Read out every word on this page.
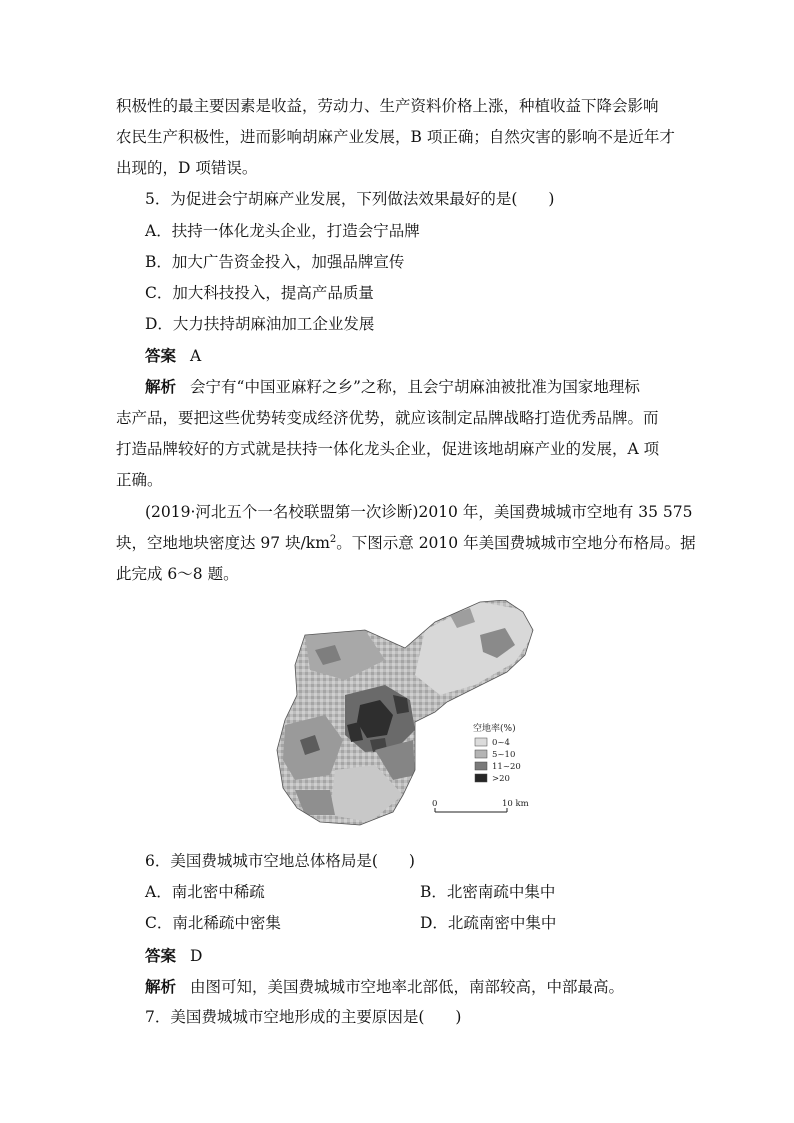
积极性的最主要因素是收益，劳动力、生产资料价格上涨，种植收益下降会影响
农民生产积极性，进而影响胡麻产业发展，B 项正确；自然灾害的影响不是近年才
出现的，D 项错误。
5．为促进会宁胡麻产业发展，下列做法效果最好的是(　　)
A．扶持一体化龙头企业，打造会宁品牌
B．加大广告资金投入，加强品牌宣传
C．加大科技投入，提高产品质量
D．大力扶持胡麻油加工企业发展
答案 A
解析 会宁有“中国亚麻籽之乡”之称，且会宁胡麻油被批准为国家地理标
志产品，要把这些优势转变成经济优势，就应该制定品牌战略打造优秀品牌。而
打造品牌较好的方式就是扶持一体化龙头企业，促进该地胡麻产业的发展，A 项
正确。
(2019·河北五个一名校联盟第一次诊断)2010 年，美国费城城市空地有 35 575
块，空地地块密度达 97 块$/km^2$。下图示意 2010 年美国费城城市空地分布格局。据
此完成 6～8 题。
空地率(%)
0~4
5~10
11~20
>20
0	10 km
6．美国费城城市空地总体格局是(　　)
A．南北密中稀疏	B．北密南疏中集中
C．南北稀疏中密集	D．北疏南密中集中
答案 D
解析 由图可知，美国费城城市空地率北部低，南部较高，中部最高。
7．美国费城城市空地形成的主要原因是(　　)
